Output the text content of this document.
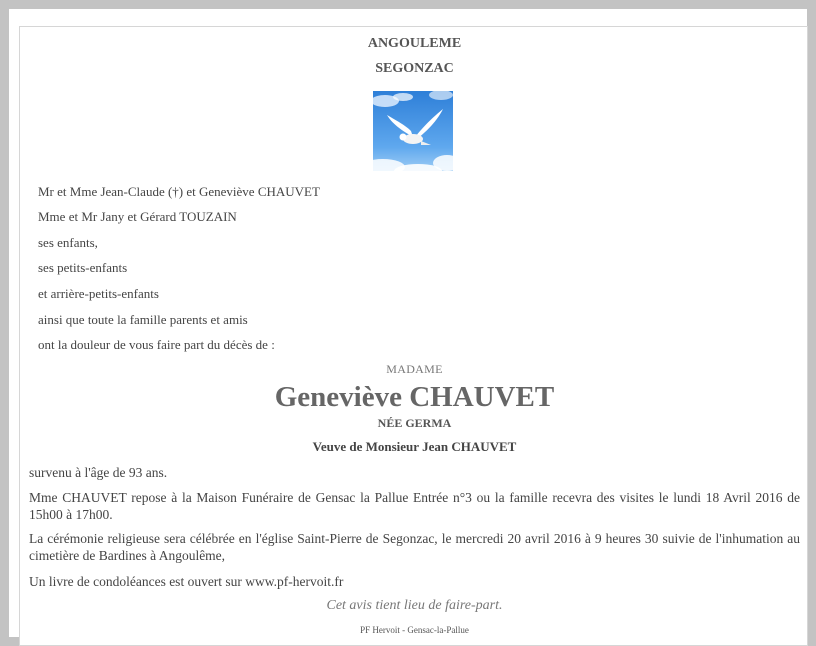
ANGOULEME
SEGONZAC
Mr et Mme Jean-Claude (†) et Geneviève CHAUVET
Mme et Mr Jany et Gérard TOUZAIN
ses enfants,
ses petits-enfants
et arrière-petits-enfants
ainsi que toute la famille parents et amis
ont la douleur de vous faire part du décès de :
MADAME
Geneviève CHAUVET
NÉE GERMA
Veuve de Monsieur Jean CHAUVET
survenu à l'âge de 93 ans.
Mme CHAUVET repose à la Maison Funéraire de Gensac la Pallue Entrée n°3 ou la famille recevra des visites le lundi 18 Avril 2016 de 15h00 à 17h00.
La cérémonie religieuse sera célébrée en l'église Saint-Pierre de Segonzac, le mercredi 20 avril 2016 à 9 heures 30 suivie de l'inhumation au cimetière de Bardines à Angoulême,
Un livre de condoléances est ouvert sur www.pf-hervoit.fr
Cet avis tient lieu de faire-part.
PF Hervoit - Gensac-la-Pallue
